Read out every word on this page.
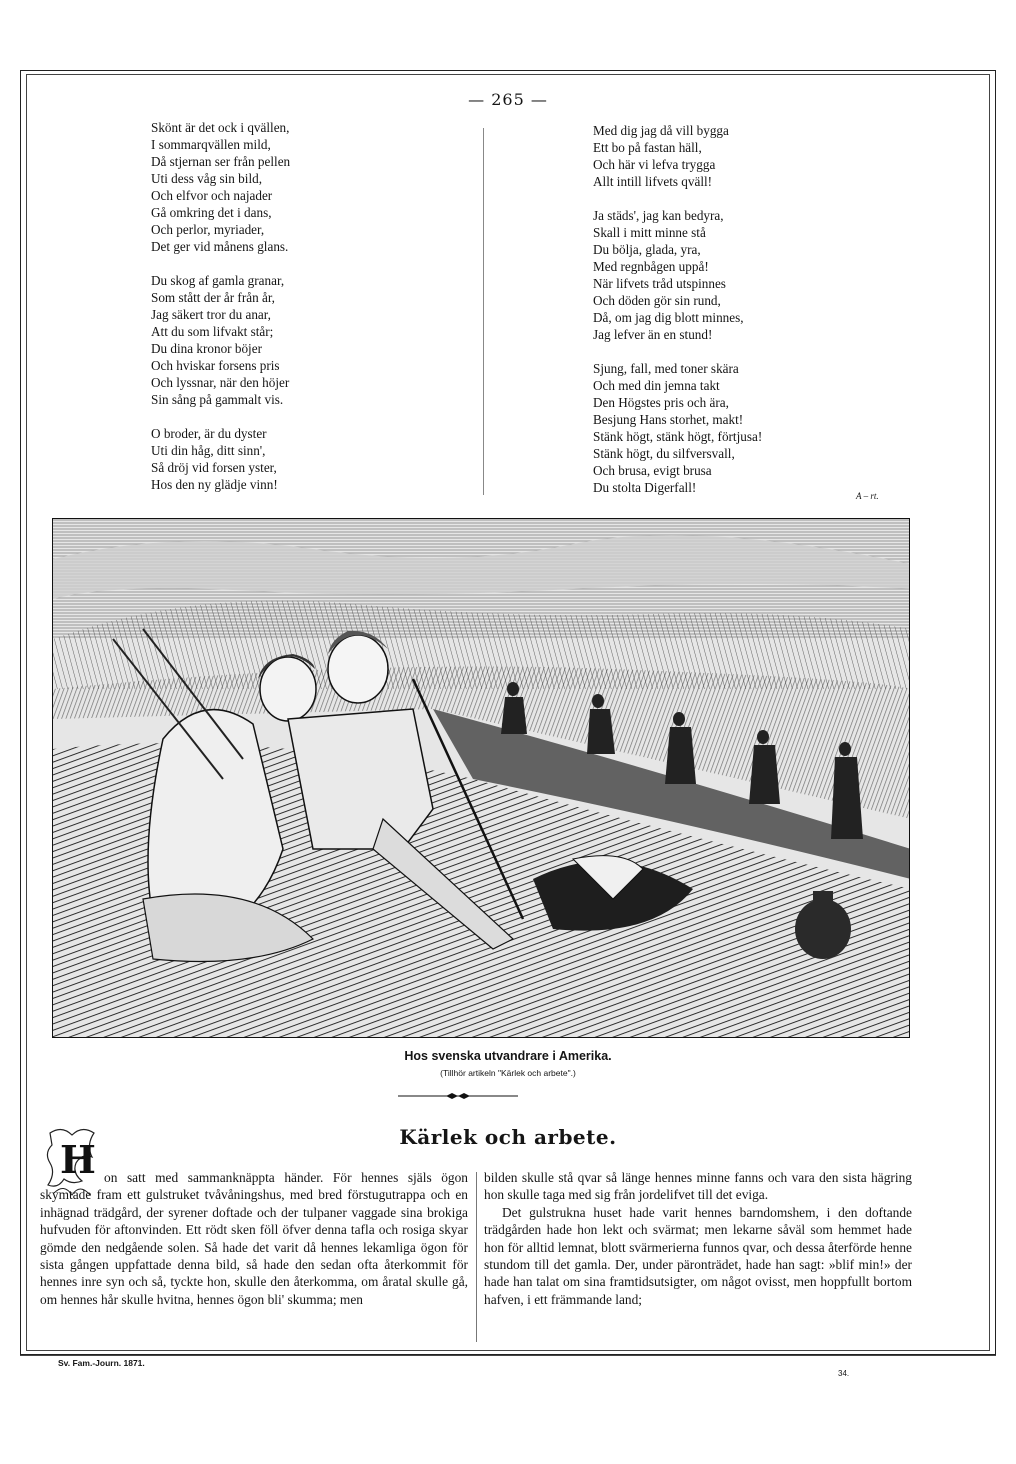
— 265 —
Skönt är det ock i qvällen,
I sommarqvällen mild,
Då stjernan ser från pellen
Uti dess våg sin bild,
Och elfvor och najader
Gå omkring det i dans,
Och perlor, myriader,
Det ger vid månens glans.
Du skog af gamla granar,
Som stått der år från år,
Jag säkert tror du anar,
Att du som lifvakt står;
Du dina kronor böjer
Och hviskar forsens pris
Och lyssnar, när den höjer
Sin sång på gammalt vis.
O broder, är du dyster
Uti din håg, ditt sinn',
Så dröj vid forsen yster,
Hos den ny glädje vinn!
Med dig jag då vill bygga
Ett bo på fastan häll,
Och här vi lefva trygga
Allt intill lifvets qväll!
Ja städs', jag kan bedyra,
Skall i mitt minne stå
Du bölja, glada, yra,
Med regnbågen uppå!
När lifvets tråd utspinnes
Och döden gör sin rund,
Då, om jag dig blott minnes,
Jag lefver än en stund!
Sjung, fall, med toner skära
Och med din jemna takt
Den Högstes pris och ära,
Besjung Hans storhet, makt!
Stänk högt, stänk högt, förtjusa!
Stänk högt, du silfversvall,
Och brusa, evigt brusa
Du stolta Digerfall!
A – rt.
Hos svenska utvandrare i Amerika.
(Tillhör artikeln "Kärlek och arbete".)
H	Kärlek och arbete.

on satt med sammanknäppta händer. För hennes själs ögon skymtade fram ett gulstruket tvåvåningshus, med bred förstugutrappa och en inhägnad trädgård, der syrener doftade och der tulpaner vaggade sina brokiga hufvuden för aftonvinden. Ett rödt sken föll öfver denna tafla och rosiga skyar gömde den nedgående solen. Så hade det varit då hennes lekamliga ögon för sista gången uppfattade denna bild, så hade den sedan ofta återkommit för hennes inre syn och så, tyckte hon, skulle den återkomma, om åratal skulle gå, om hennes hår skulle hvitna, hennes ögon bli' skumma; men

bilden skulle stå qvar så länge hennes minne fanns och vara den sista hägring hon skulle taga med sig från jordelifvet till det eviga.

Det gulstrukna huset hade varit hennes barndomshem, i den doftande trädgården hade hon lekt och svärmat; men lekarne såväl som hemmet hade hon för alltid lemnat, blott svärmerierna funnos qvar, och dessa återförde henne stundom till det gamla. Der, under päronträdet, hade han sagt: »blif min!» der hade han talat om sina framtidsutsigter, om något ovisst, men hoppfullt bortom hafven, i ett främmande land;

Sv. Fam.-Journ. 1871.
34.
